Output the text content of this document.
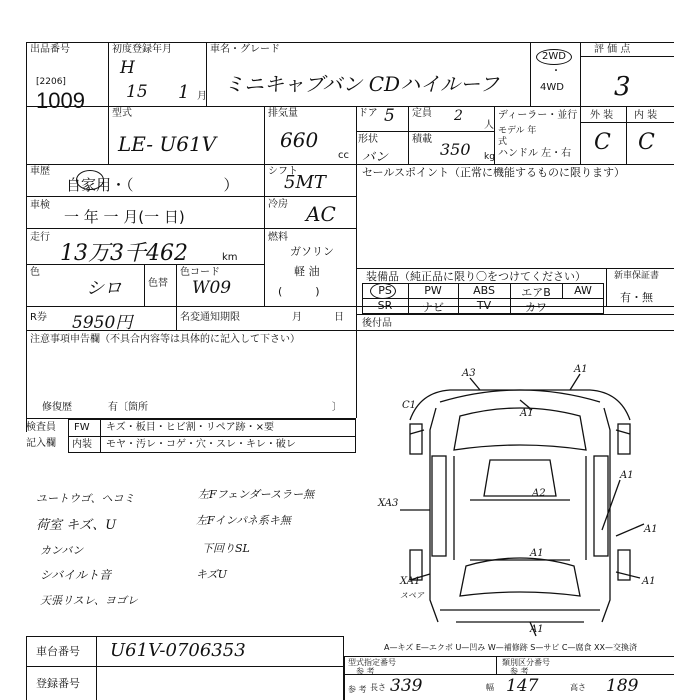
出品番号
[2206]
1009
初度登録年月
H
15 1 月
車名・グレード
ミニキャブバン CDハイルーフ
2WD
・
4WD
評 価 点
3
型式
LE- U61V
排気量
660
cc
ドア 5 定員 2
人
形状
バン
積載
350 kg
ディーラー・並行
モデル 年式
ハンドル 左・右
外 装 内 装
C C
車歴
自家用・（　　　　　　）
車検
一 年 一 月(一 日)
走行
13万3千462	km
色
シロ	色替
色コード
W09
シフト
5MT
冷房 AC
燃料
ガソリン
軽 油
(　　　)
セールスポイント（正常に機能するものに限ります）
装備品（純正品に限り〇をつけてください）	新車保証書
PS	PW	ABS	エアB	AW
SR	ナビ	TV	カワ
有・無
後付品
R券 5950円	名変通知期限	月	日
注意事項申告欄（不具合内容等は具体的に記入して下さい）
修復歴	有〔箇所	〕
検査員
記入欄
FW キズ・板目・ヒビ割・リペア跡・×要
内装 モヤ・汚レ・コゲ・穴・スレ・キレ・破レ
ユートウゴ、ヘコミ
荷室 キズ、U
カンバン
シバイルト音
天張リスレ、ヨゴレ
左Fフェンダースラー無
左Fインパネ系キ無
下回りSL
キズU
A3	A1
C1
A1
A2
XA3
A1
A1
A1
XA1	A1
A1
スペア
A—キズ E—エクボ U—凹み W—補修跡 S—サビ C—腐食 XX—交換済
車台番号 U61V-0706353
登録番号
型式指定番号
参 考
類別区分番号
参 考
参 考 長さ 339	幅 147	高さ 189
